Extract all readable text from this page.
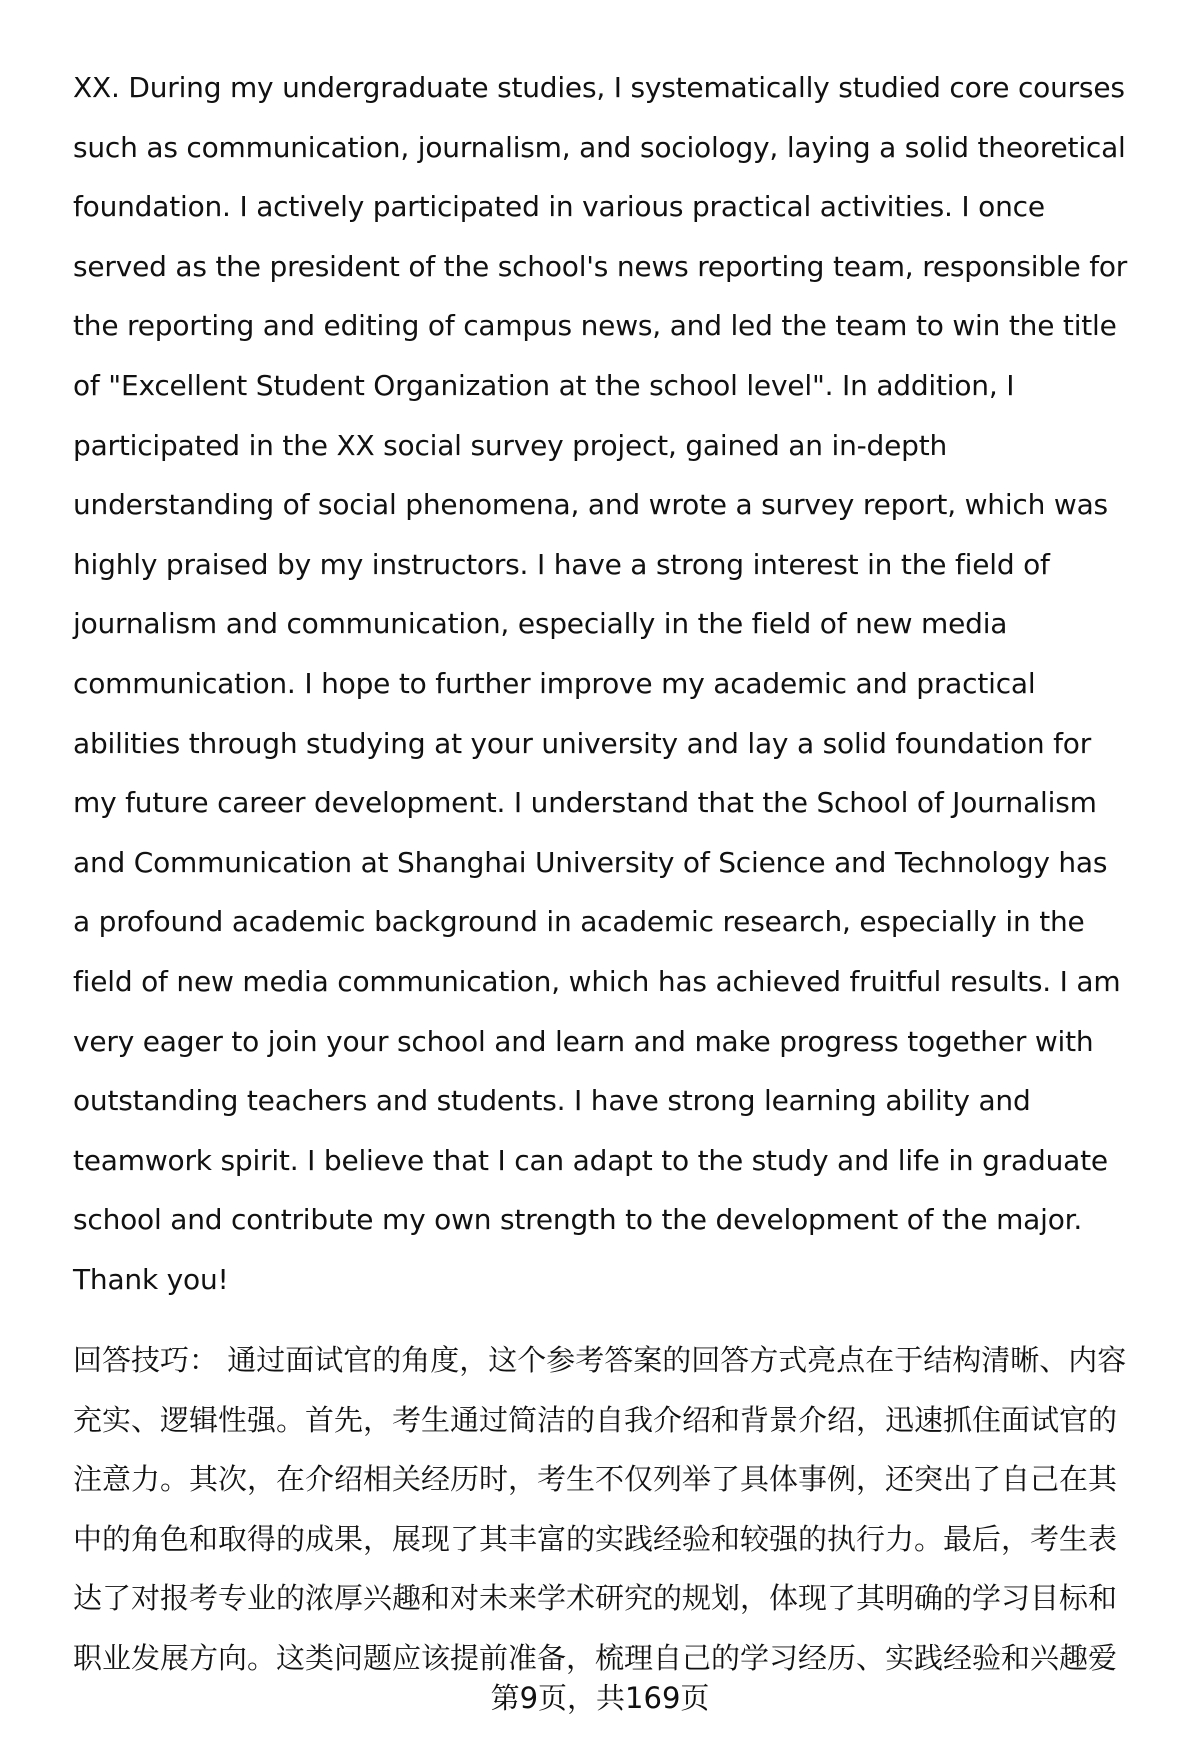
XX. During my undergraduate studies, I systematically studied core courses
such as communication, journalism, and sociology, laying a solid theoretical
foundation. I actively participated in various practical activities. I once
served as the president of the school's news reporting team, responsible for
the reporting and editing of campus news, and led the team to win the title
of "Excellent Student Organization at the school level". In addition, I
participated in the XX social survey project, gained an in-depth
understanding of social phenomena, and wrote a survey report, which was
highly praised by my instructors. I have a strong interest in the field of
journalism and communication, especially in the field of new media
communication. I hope to further improve my academic and practical
abilities through studying at your university and lay a solid foundation for
my future career development. I understand that the School of Journalism
and Communication at Shanghai University of Science and Technology has
a profound academic background in academic research, especially in the
field of new media communication, which has achieved fruitful results. I am
very eager to join your school and learn and make progress together with
outstanding teachers and students. I have strong learning ability and
teamwork spirit. I believe that I can adapt to the study and life in graduate
school and contribute my own strength to the development of the major.
Thank you!
回答技巧： 通过面试官的角度，这个参考答案的回答方式亮点在于结构清晰、内容
充实、逻辑性强。首先，考生通过简洁的自我介绍和背景介绍，迅速抓住面试官的
注意力。其次，在介绍相关经历时，考生不仅列举了具体事例，还突出了自己在其
中的角色和取得的成果，展现了其丰富的实践经验和较强的执行力。最后，考生表
达了对报考专业的浓厚兴趣和对未来学术研究的规划，体现了其明确的学习目标和
职业发展方向。这类问题应该提前准备，梳理自己的学习经历、实践经验和兴趣爱
第9页，共169页
